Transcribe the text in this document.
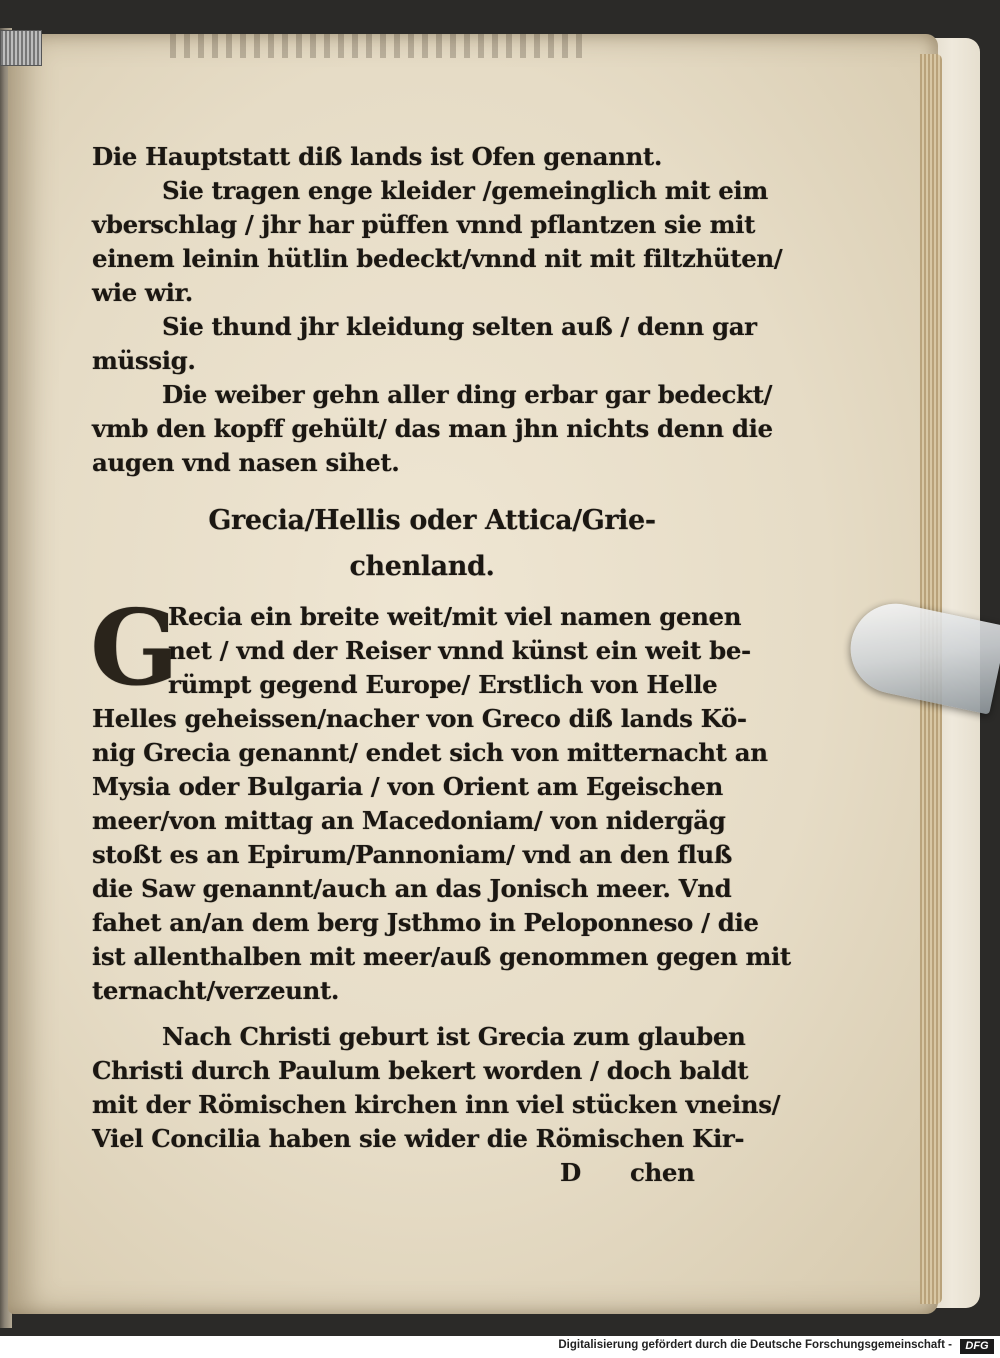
Die Hauptstatt diß lands ist Ofen genannt.
Sie tragen enge kleider /gemeinglich mit eim
vberschlag / jhr har püffen vnnd pflantzen sie mit
einem leinin hütlin bedeckt/vnnd nit mit filtzhüten/
wie wir.
Sie thund jhr kleidung selten auß / denn gar
müssig.
Die weiber gehn aller ding erbar gar bedeckt/
vmb den kopff gehült/ das man jhn nichts denn die
augen vnd nasen sihet.
Grecia/Hellis oder Attica/Grie-
chenland.
G
Recia ein breite weit/mit viel namen genen
net / vnd der Reiser vnnd künst ein weit be-
rümpt gegend Europe/ Erstlich von Helle
Helles geheissen/nacher von Greco diß lands Kö-
nig Grecia genannt/ endet sich von mitternacht an
Mysia oder Bulgaria / von Orient am Egeischen
meer/von mittag an Macedoniam/ von nidergäg
stoßt es an Epirum/Pannoniam/ vnd an den fluß
die Saw genannt/auch an das Jonisch meer. Vnd
fahet an/an dem berg Jsthmo in Peloponneso / die
ist allenthalben mit meer/auß genommen gegen mit
ternacht/verzeunt.
Nach Christi geburt ist Grecia zum glauben
Christi durch Paulum bekert worden / doch baldt
mit der Römischen kirchen inn viel stücken vneins/
Viel Concilia haben sie wider die Römischen Kir-
D chen
Digitalisierung gefördert durch die Deutsche Forschungsgemeinschaft -	DFG
